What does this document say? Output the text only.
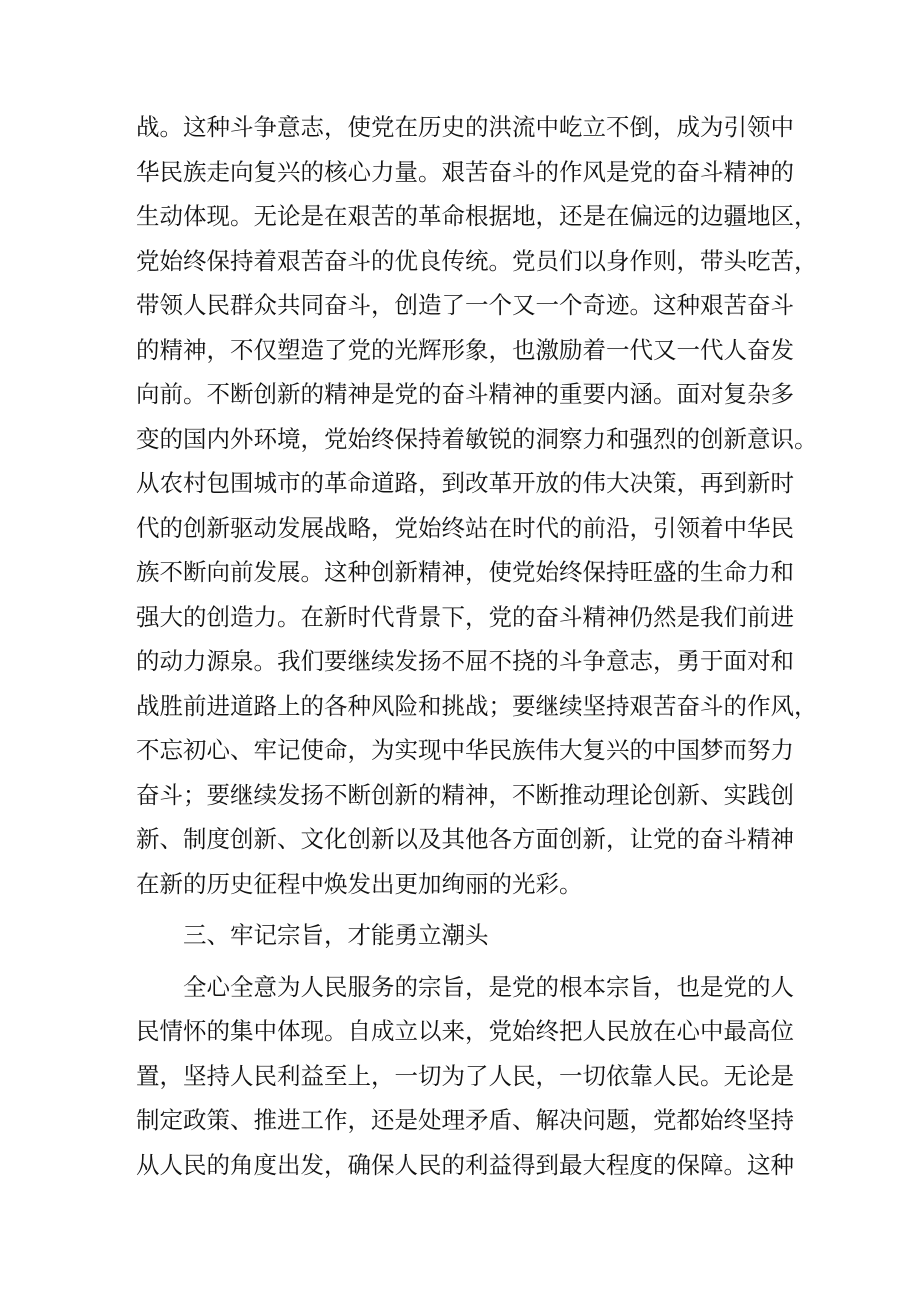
战 。 这 种 斗 争 意 志 ， 使 党 在 历 史 的 洪 流 中 屹 立 不 倒 ， 成 为 引 领 中
华 民 族 走 向 复 兴 的 核 心 力 量 。 艰 苦 奋 斗 的 作 风 是 党 的 奋 斗 精 神 的
生 动 体 现 。 无 论 是 在 艰 苦 的 革 命 根 据 地 ， 还 是 在 偏 远 的 边 疆 地 区 ，
党 始 终 保 持 着 艰 苦 奋 斗 的 优 良 传 统 。 党 员 们 以 身 作 则 ， 带 头 吃 苦 ，
带 领 人 民 群 众 共 同 奋 斗 ， 创 造 了 一 个 又 一 个 奇 迹 。 这 种 艰 苦 奋 斗
的 精 神 ， 不 仅 塑 造 了 党 的 光 辉 形 象 ， 也 激 励 着 一 代 又 一 代 人 奋 发
向 前 。 不 断 创 新 的 精 神 是 党 的 奋 斗 精 神 的 重 要 内 涵 。 面 对 复 杂 多
变 的 国 内 外 环 境 ， 党 始 终 保 持 着 敏 锐 的 洞 察 力 和 强 烈 的 创 新 意 识 。
从 农 村 包 围 城 市 的 革 命 道 路 ， 到 改 革 开 放 的 伟 大 决 策 ， 再 到 新 时
代 的 创 新 驱 动 发 展 战 略 ， 党 始 终 站 在 时 代 的 前 沿 ， 引 领 着 中 华 民
族 不 断 向 前 发 展 。 这 种 创 新 精 神 ， 使 党 始 终 保 持 旺 盛 的 生 命 力 和
强 大 的 创 造 力 。 在 新 时 代 背 景 下 ， 党 的 奋 斗 精 神 仍 然 是 我 们 前 进
的 动 力 源 泉 。 我 们 要 继 续 发 扬 不 屈 不 挠 的 斗 争 意 志 ， 勇 于 面 对 和
战 胜 前 进 道 路 上 的 各 种 风 险 和 挑 战 ； 要 继 续 坚 持 艰 苦 奋 斗 的 作 风 ，
不 忘 初 心 、 牢 记 使 命 ， 为 实 现 中 华 民 族 伟 大 复 兴 的 中 国 梦 而 努 力
奋 斗 ； 要 继 续 发 扬 不 断 创 新 的 精 神 ， 不 断 推 动 理 论 创 新 、 实 践 创
新 、 制 度 创 新 、 文 化 创 新 以 及 其 他 各 方 面 创 新 ， 让 党 的 奋 斗 精 神
在 新 的 历 史 征 程 中 焕 发 出 更 加 绚 丽 的 光 彩 。
三 、 牢 记 宗 旨 ， 才 能 勇 立 潮 头
全 心 全 意 为 人 民 服 务 的 宗 旨 ， 是 党 的 根 本 宗 旨 ， 也 是 党 的 人
民 情 怀 的 集 中 体 现 。 自 成 立 以 来 ， 党 始 终 把 人 民 放 在 心 中 最 高 位
置 ， 坚 持 人 民 利 益 至 上 ， 一 切 为 了 人 民 ， 一 切 依 靠 人 民 。 无 论 是
制 定 政 策 、 推 进 工 作 ， 还 是 处 理 矛 盾 、 解 决 问 题 ， 党 都 始 终 坚 持
从 人 民 的 角 度 出 发 ， 确 保 人 民 的 利 益 得 到 最 大 程 度 的 保 障 。 这 种
